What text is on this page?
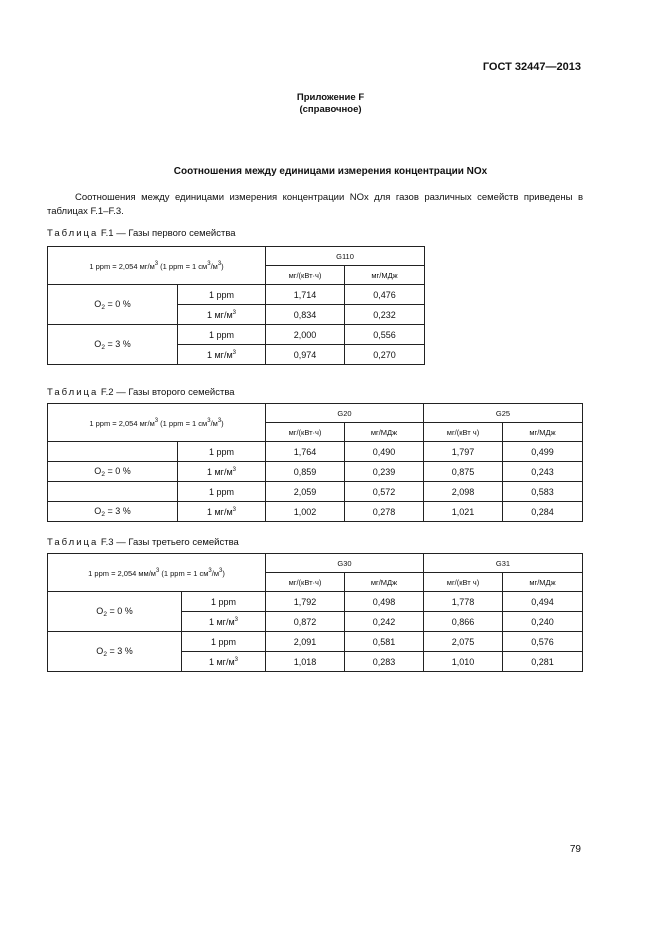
ГОСТ 32447—2013
Приложение F
(справочное)
Соотношения между единицами измерения концентрации NOx
Соотношения между единицами измерения концентрации NOx для газов различных семейств приведены в таблицах F.1–F.3.
Таблица F.1 — Газы первого семейства
1 ppm = 2,054 $мг/м^3$ (1 ppm = 1 $см^3/м^3$)		G110	
		мг/(кВт·ч)	мг/МДж
$O_2 = 0$ %	1 ppm	1,714	0,476
	1 $мг/м^3$	0,834	0,232
$O_2 = 3$ %	1 ppm	2,000	0,556
	1 $мг/м^3$	0,974	0,270
Таблица F.2 — Газы второго семейства
1 ppm = 2,054 $мг/м^3$ (1 ppm = 1 $см^3/м^3$)		G20		G25	
		мг/(кВт·ч)	мг/МДж	мг/(кВт ч)	мг/МДж
	1 ppm	1,764	0,490	1,797	0,499
$O_2 = 0$ %	1 $мг/м^3$	0,859	0,239	0,875	0,243
	1 ppm	2,059	0,572	2,098	0,583
$O_2 = 3$ %	1 $мг/м^3$	1,002	0,278	1,021	0,284
Таблица F.3 — Газы третьего семейства
1 ppm = 2,054 $мм/м^3$ (1 ppm = 1 $см^3/м^3$)		G30		G31	
		мг/(кВт·ч)	мг/МДж	мг/(кВт ч)	мг/МДж
$O_2 = 0$ %	1 ppm	1,792	0,498	1,778	0,494
	1 $мг/м^3$	0,872	0,242	0,866	0,240
$O_2 = 3$ %	1 ppm	2,091	0,581	2,075	0,576
	1 $мг/м^3$	1,018	0,283	1,010	0,281
79
